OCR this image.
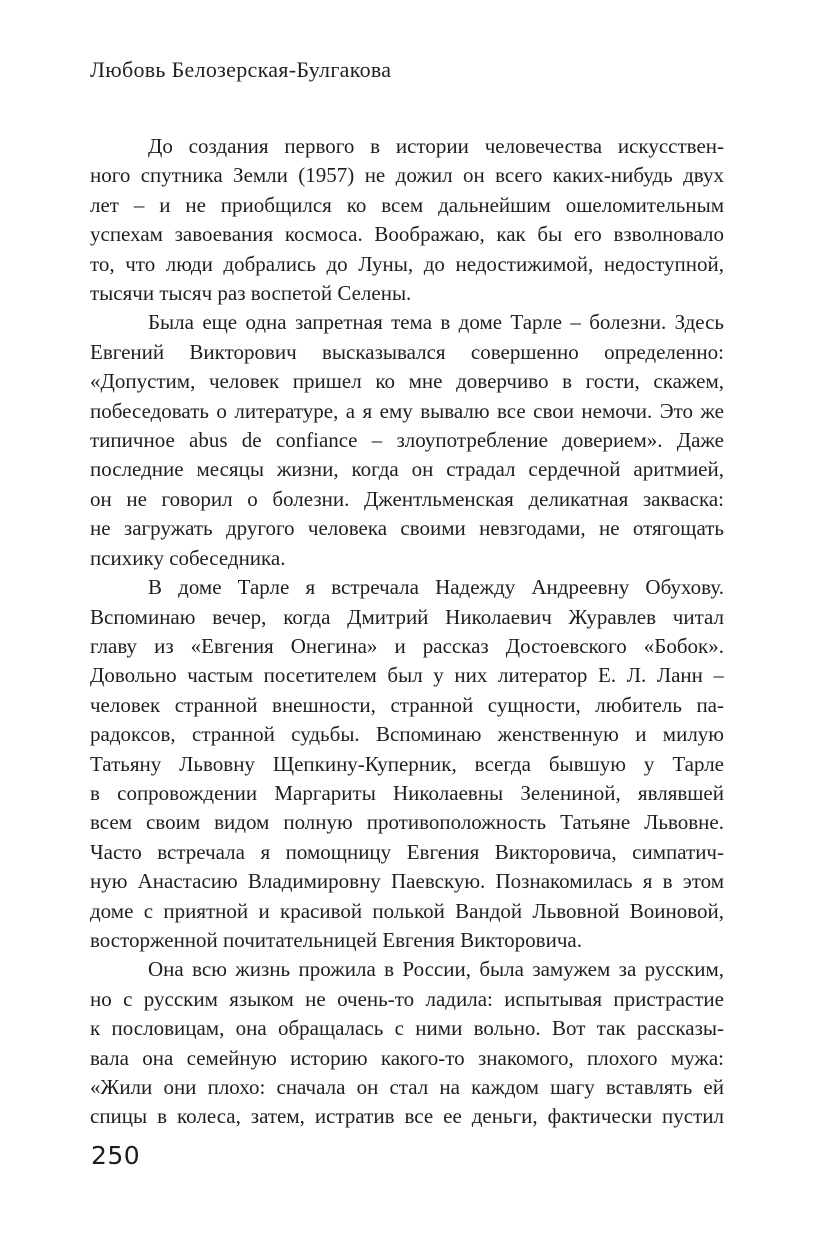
Любовь Белозерская-Булгакова
До создания первого в истории человечества искусствен-
ного спутника Земли (1957) не дожил он всего каких-нибудь двух
лет – и не приобщился ко всем дальнейшим ошеломительным
успехам завоевания космоса. Воображаю, как бы его взволновало
то, что люди добрались до Луны, до недостижимой, недоступной,
тысячи тысяч раз воспетой Селены.
Была еще одна запретная тема в доме Тарле – болезни. Здесь
Евгений Викторович высказывался совершенно определенно:
«Допустим, человек пришел ко мне доверчиво в гости, скажем,
побеседовать о литературе, а я ему вывалю все свои немочи. Это же
типичное abus de confiance – злоупотребление доверием». Даже
последние месяцы жизни, когда он страдал сердечной аритмией,
он не говорил о болезни. Джентльменская деликатная закваска:
не загружать другого человека своими невзгодами, не отягощать
психику собеседника.
В доме Тарле я встречала Надежду Андреевну Обухову.
Вспоминаю вечер, когда Дмитрий Николаевич Журавлев читал
главу из «Евгения Онегина» и рассказ Достоевского «Бобок».
Довольно частым посетителем был у них литератор Е. Л. Ланн –
человек странной внешности, странной сущности, любитель па-
радоксов, странной судьбы. Вспоминаю женственную и милую
Татьяну Львовну Щепкину-Куперник, всегда бывшую у Тарле
в сопровождении Маргариты Николаевны Зелениной, являвшей
всем своим видом полную противоположность Татьяне Львовне.
Часто встречала я помощницу Евгения Викторовича, симпатич-
ную Анастасию Владимировну Паевскую. Познакомилась я в этом
доме с приятной и красивой полькой Вандой Львовной Воиновой,
восторженной почитательницей Евгения Викторовича.
Она всю жизнь прожила в России, была замужем за русским,
но с русским языком не очень-то ладила: испытывая пристрастие
к пословицам, она обращалась с ними вольно. Вот так рассказы-
вала она семейную историю какого-то знакомого, плохого мужа:
«Жили они плохо: сначала он стал на каждом шагу вставлять ей
спицы в колеса, затем, истратив все ее деньги, фактически пустил
250
